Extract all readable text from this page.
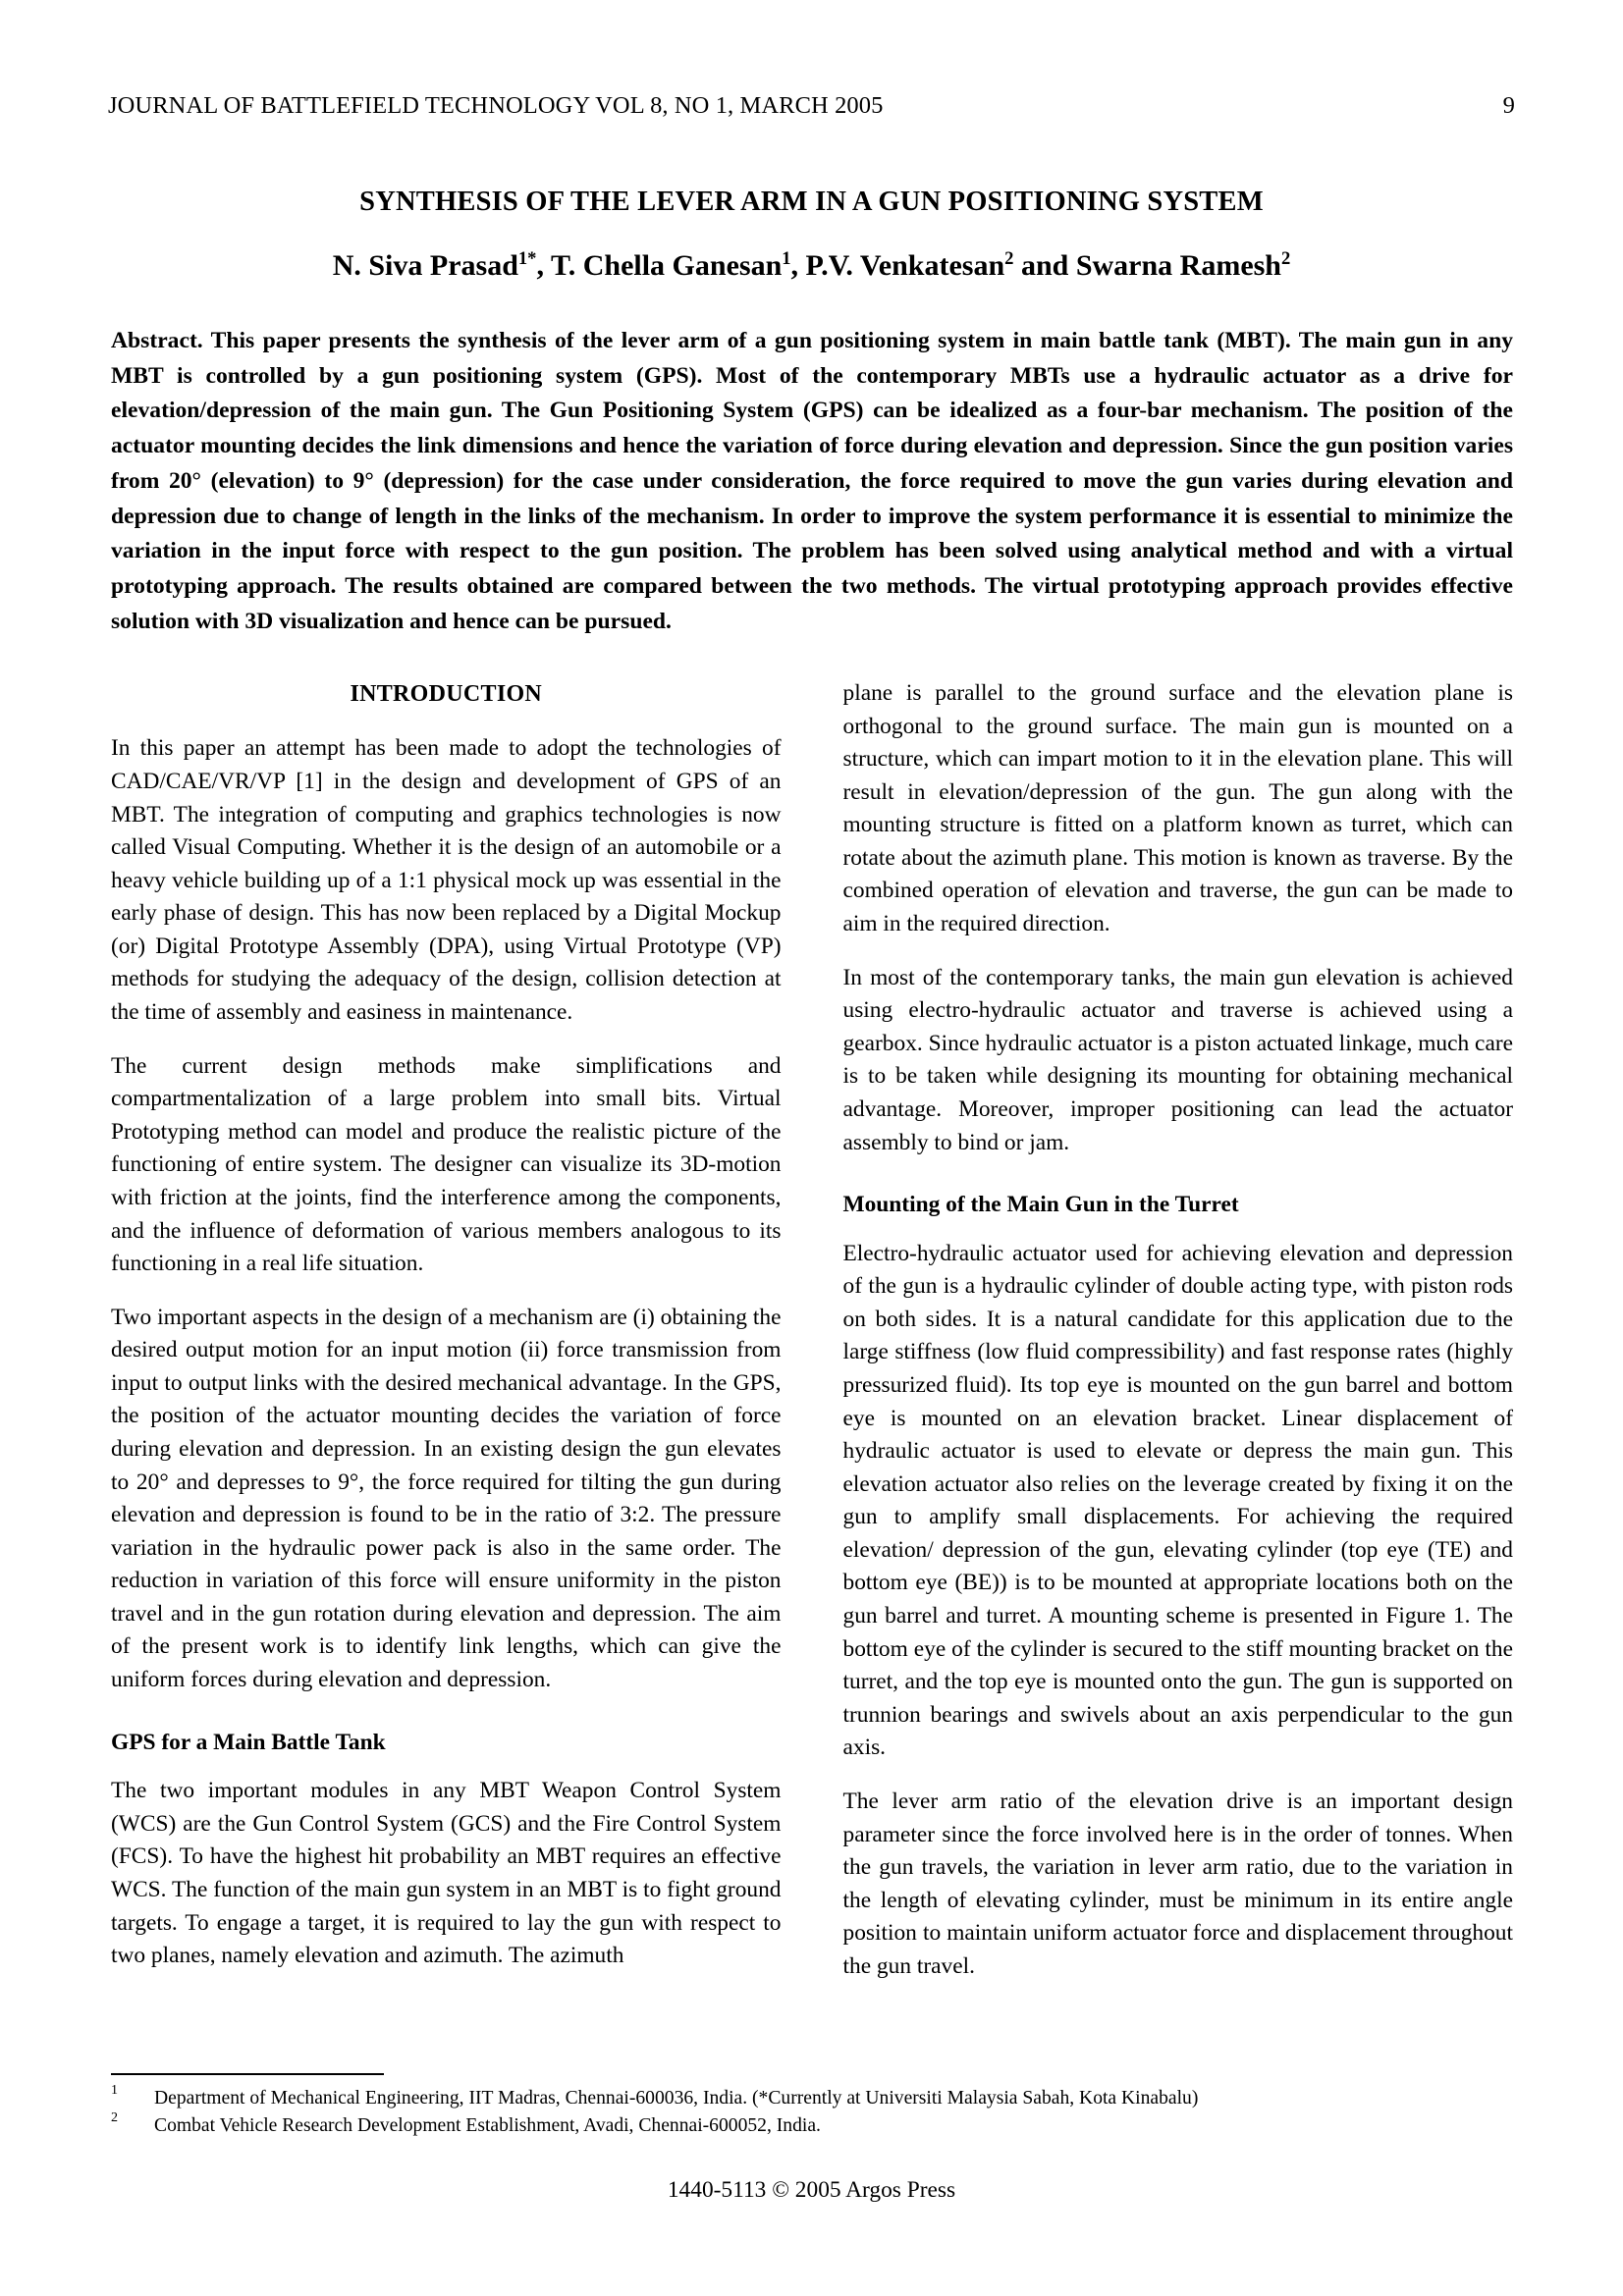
JOURNAL OF BATTLEFIELD TECHNOLOGY VOL 8, NO 1, MARCH 2005	9
SYNTHESIS OF THE LEVER ARM IN A GUN POSITIONING SYSTEM
N. Siva Prasad$^{1*}$, T. Chella Ganesan$^1$, P.V. Venkatesan$^2$ and Swarna Ramesh$^2$
Abstract. This paper presents the synthesis of the lever arm of a gun positioning system in main battle tank (MBT). The main gun in any MBT is controlled by a gun positioning system (GPS). Most of the contemporary MBTs use a hydraulic actuator as a drive for elevation/depression of the main gun. The Gun Positioning System (GPS) can be idealized as a four-bar mechanism. The position of the actuator mounting decides the link dimensions and hence the variation of force during elevation and depression. Since the gun position varies from 20° (elevation) to 9° (depression) for the case under consideration, the force required to move the gun varies during elevation and depression due to change of length in the links of the mechanism. In order to improve the system performance it is essential to minimize the variation in the input force with respect to the gun position. The problem has been solved using analytical method and with a virtual prototyping approach. The results obtained are compared between the two methods. The virtual prototyping approach provides effective solution with 3D visualization and hence can be pursued.
INTRODUCTION

In this paper an attempt has been made to adopt the technologies of CAD/CAE/VR/VP [1] in the design and development of GPS of an MBT. The integration of computing and graphics technologies is now called Visual Computing. Whether it is the design of an automobile or a heavy vehicle building up of a 1:1 physical mock up was essential in the early phase of design. This has now been replaced by a Digital Mockup (or) Digital Prototype Assembly (DPA), using Virtual Prototype (VP) methods for studying the adequacy of the design, collision detection at the time of assembly and easiness in maintenance.

The current design methods make simplifications and compartmentalization of a large problem into small bits. Virtual Prototyping method can model and produce the realistic picture of the functioning of entire system. The designer can visualize its 3D-motion with friction at the joints, find the interference among the components, and the influence of deformation of various members analogous to its functioning in a real life situation.

Two important aspects in the design of a mechanism are (i) obtaining the desired output motion for an input motion (ii) force transmission from input to output links with the desired mechanical advantage. In the GPS, the position of the actuator mounting decides the variation of force during elevation and depression. In an existing design the gun elevates to 20° and depresses to 9°, the force required for tilting the gun during elevation and depression is found to be in the ratio of 3:2. The pressure variation in the hydraulic power pack is also in the same order. The reduction in variation of this force will ensure uniformity in the piston travel and in the gun rotation during elevation and depression. The aim of the present work is to identify link lengths, which can give the uniform forces during elevation and depression.

GPS for a Main Battle Tank

The two important modules in any MBT Weapon Control System (WCS) are the Gun Control System (GCS) and the Fire Control System (FCS). To have the highest hit probability an MBT requires an effective WCS. The function of the main gun system in an MBT is to fight ground targets. To engage a target, it is required to lay the gun with respect to two planes, namely elevation and azimuth. The azimuth

plane is parallel to the ground surface and the elevation plane is orthogonal to the ground surface. The main gun is mounted on a structure, which can impart motion to it in the elevation plane. This will result in elevation/depression of the gun. The gun along with the mounting structure is fitted on a platform known as turret, which can rotate about the azimuth plane. This motion is known as traverse. By the combined operation of elevation and traverse, the gun can be made to aim in the required direction.

In most of the contemporary tanks, the main gun elevation is achieved using electro-hydraulic actuator and traverse is achieved using a gearbox. Since hydraulic actuator is a piston actuated linkage, much care is to be taken while designing its mounting for obtaining mechanical advantage. Moreover, improper positioning can lead the actuator assembly to bind or jam.

Mounting of the Main Gun in the Turret

Electro-hydraulic actuator used for achieving elevation and depression of the gun is a hydraulic cylinder of double acting type, with piston rods on both sides. It is a natural candidate for this application due to the large stiffness (low fluid compressibility) and fast response rates (highly pressurized fluid). Its top eye is mounted on the gun barrel and bottom eye is mounted on an elevation bracket. Linear displacement of hydraulic actuator is used to elevate or depress the main gun. This elevation actuator also relies on the leverage created by fixing it on the gun to amplify small displacements. For achieving the required elevation/ depression of the gun, elevating cylinder (top eye (TE) and bottom eye (BE)) is to be mounted at appropriate locations both on the gun barrel and turret. A mounting scheme is presented in Figure 1. The bottom eye of the cylinder is secured to the stiff mounting bracket on the turret, and the top eye is mounted onto the gun. The gun is supported on trunnion bearings and swivels about an axis perpendicular to the gun axis.

The lever arm ratio of the elevation drive is an important design parameter since the force involved here is in the order of tonnes. When the gun travels, the variation in lever arm ratio, due to the variation in the length of elevating cylinder, must be minimum in its entire angle position to maintain uniform actuator force and displacement throughout the gun travel.

1	Department of Mechanical Engineering, IIT Madras, Chennai-600036, India. (*Currently at Universiti Malaysia Sabah, Kota Kinabalu)
2	Combat Vehicle Research Development Establishment, Avadi, Chennai-600052, India.
1440-5113 © 2005 Argos Press
